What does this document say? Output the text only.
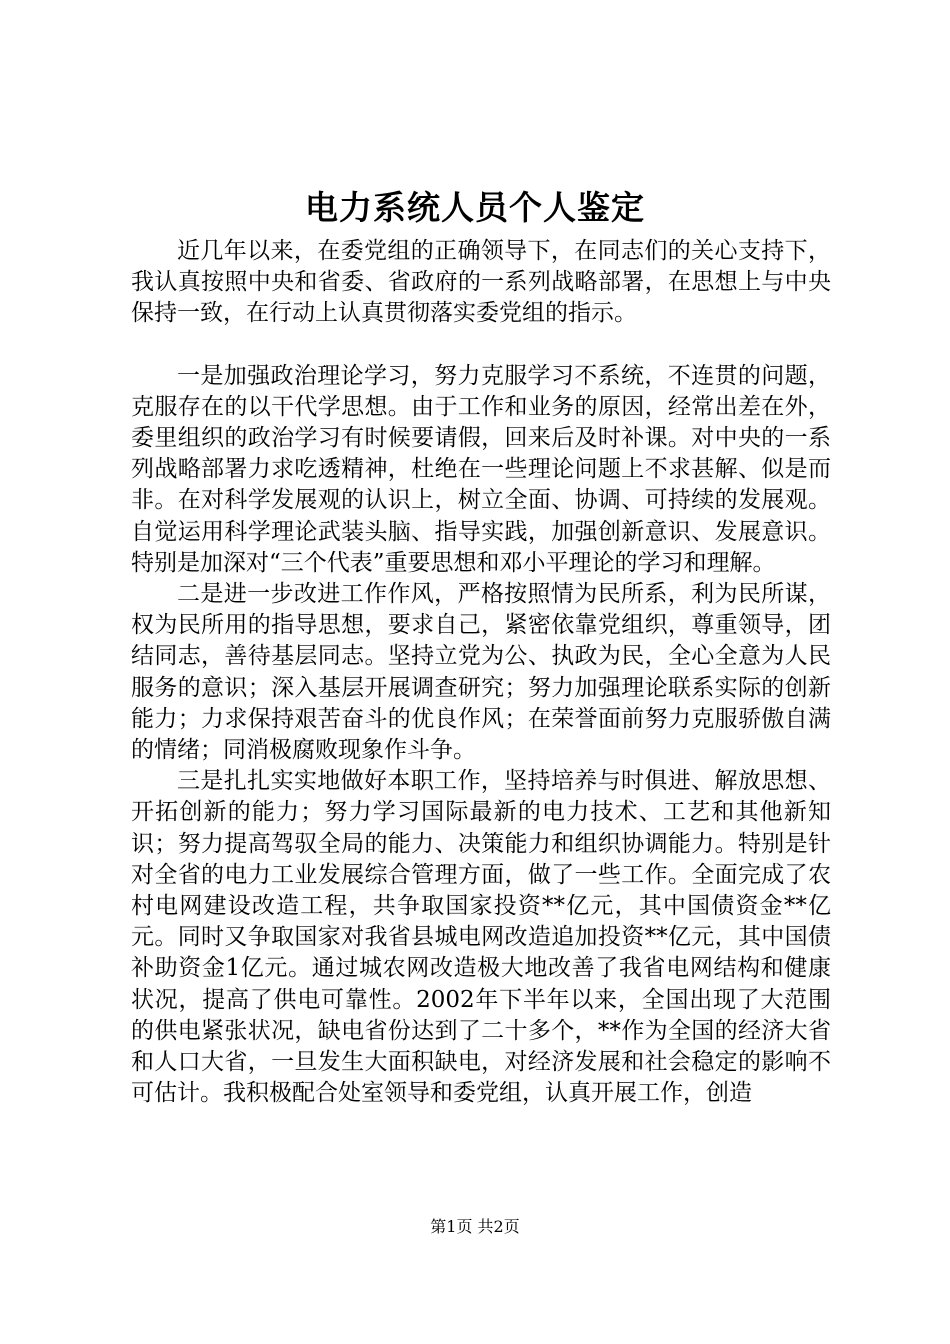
电力系统人员个人鉴定

近几年以来，在委党组的正确领导下，在同志们的关心支持下，我认真按照中央和省委、省政府的一系列战略部署，在思想上与中央保持一致，在行动上认真贯彻落实委党组的指示。

一是加强政治理论学习，努力克服学习不系统，不连贯的问题，克服存在的以干代学思想。由于工作和业务的原因，经常出差在外，委里组织的政治学习有时候要请假，回来后及时补课。对中央的一系列战略部署力求吃透精神，杜绝在一些理论问题上不求甚解、似是而非。在对科学发展观的认识上，树立全面、协调、可持续的发展观。自觉运用科学理论武装头脑、指导实践，加强创新意识、发展意识。特别是加深对“三个代表”重要思想和邓小平理论的学习和理解。

二是进一步改进工作作风，严格按照情为民所系，利为民所谋，权为民所用的指导思想，要求自己，紧密依靠党组织，尊重领导，团结同志，善待基层同志。坚持立党为公、执政为民，全心全意为人民服务的意识；深入基层开展调查研究；努力加强理论联系实际的创新能力；力求保持艰苦奋斗的优良作风；在荣誉面前努力克服骄傲自满的情绪；同消极腐败现象作斗争。

三是扎扎实实地做好本职工作，坚持培养与时俱进、解放思想、开拓创新的能力；努力学习国际最新的电力技术、工艺和其他新知识；努力提高驾驭全局的能力、决策能力和组织协调能力。特别是针对全省的电力工业发展综合管理方面，做了一些工作。全面完成了农村电网建设改造工程，共争取国家投资**亿元，其中国债资金**亿元。同时又争取国家对我省县城电网改造追加投资**亿元，其中国债补助资金1亿元。通过城农网改造极大地改善了我省电网结构和健康状况，提高了供电可靠性。2002年下半年以来，全国出现了大范围的供电紧张状况，缺电省份达到了二十多个，**作为全国的经济大省和人口大省，一旦发生大面积缺电，对经济发展和社会稳定的影响不可估计。我积极配合处室领导和委党组，认真开展工作，创造

第1页 共2页
